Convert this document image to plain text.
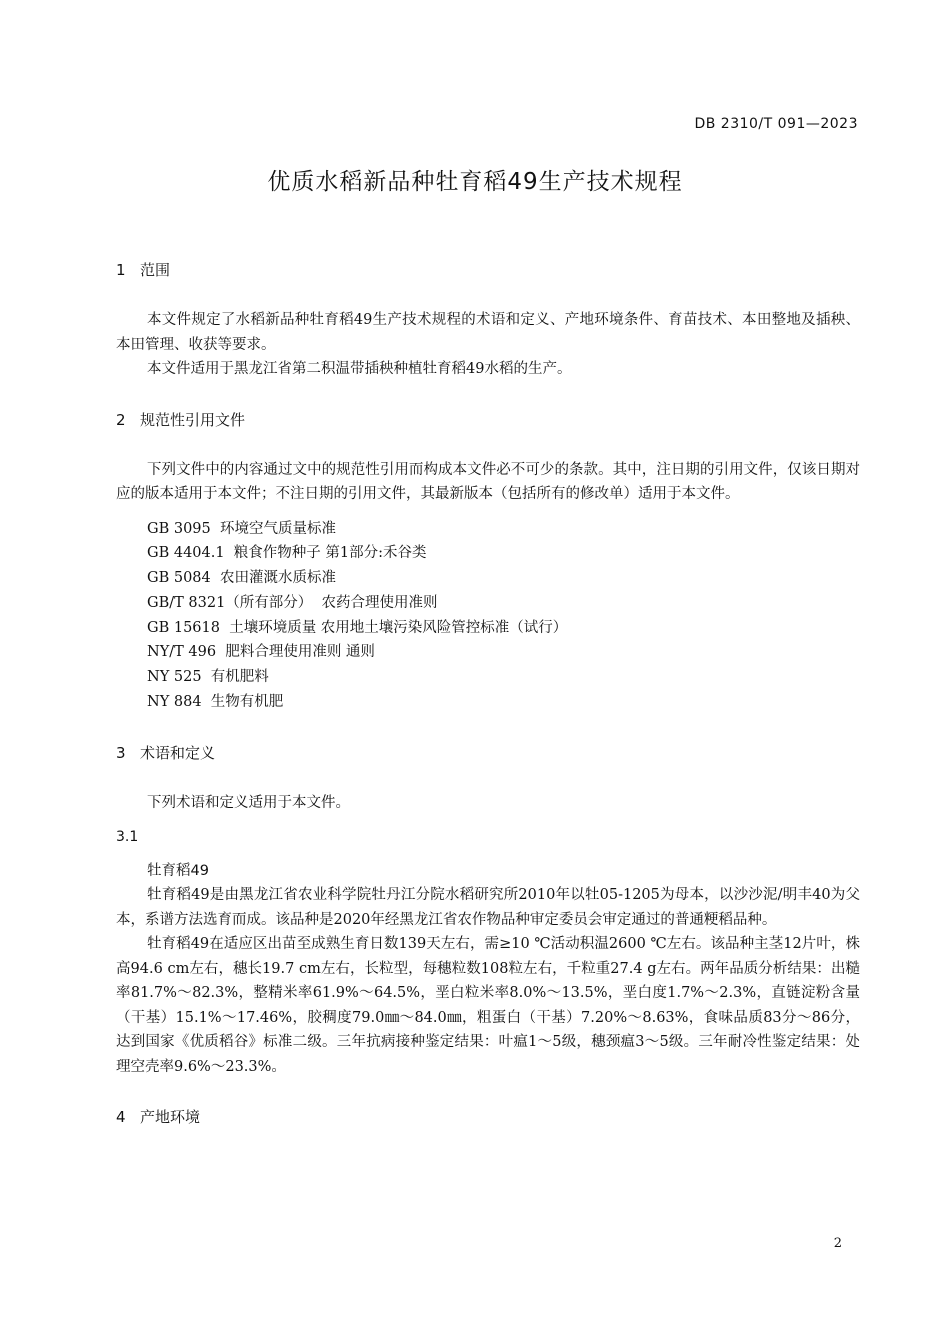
DB 2310/T 091—2023
优质水稻新品种牡育稻49生产技术规程
1 范围

本文件规定了水稻新品种牡育稻49生产技术规程的术语和定义、产地环境条件、育苗技术、本田整地及插秧、本田管理、收获等要求。

本文件适用于黑龙江省第二积温带插秧种植牡育稻49水稻的生产。

2 规范性引用文件

下列文件中的内容通过文中的规范性引用而构成本文件必不可少的条款。其中，注日期的引用文件，仅该日期对应的版本适用于本文件；不注日期的引用文件，其最新版本（包括所有的修改单）适用于本文件。

GB 3095  环境空气质量标准

GB 4404.1  粮食作物种子 第1部分:禾谷类

GB 5084  农田灌溉水质标准

GB/T 8321（所有部分）  农药合理使用准则

GB 15618  土壤环境质量 农用地土壤污染风险管控标准（试行）

NY/T 496  肥料合理使用准则 通则

NY 525  有机肥料

NY 884  生物有机肥

3 术语和定义

下列术语和定义适用于本文件。

3.1

牡育稻49

牡育稻49是由黑龙江省农业科学院牡丹江分院水稻研究所2010年以牡05-1205为母本，以沙沙泥/明丰40为父本，系谱方法选育而成。该品种是2020年经黑龙江省农作物品种审定委员会审定通过的普通粳稻品种。

牡育稻49在适应区出苗至成熟生育日数139天左右，需≥10 ℃活动积温2600 ℃左右。该品种主茎12片叶，株高94.6 cm左右，穗长19.7 cm左右，长粒型，每穗粒数108粒左右，千粒重27.4 g左右。两年品质分析结果：出糙率81.7%～82.3%，整精米率61.9%～64.5%，垩白粒米率8.0%～13.5%，垩白度1.7%～2.3%，直链淀粉含量（干基）15.1%～17.46%，胶稠度79.0㎜～84.0㎜，粗蛋白（干基）7.20%～8.63%，食味品质83分～86分，达到国家《优质稻谷》标准二级。三年抗病接种鉴定结果：叶瘟1～5级，穗颈瘟3～5级。三年耐冷性鉴定结果：处理空壳率9.6%～23.3%。

4 产地环境
2
